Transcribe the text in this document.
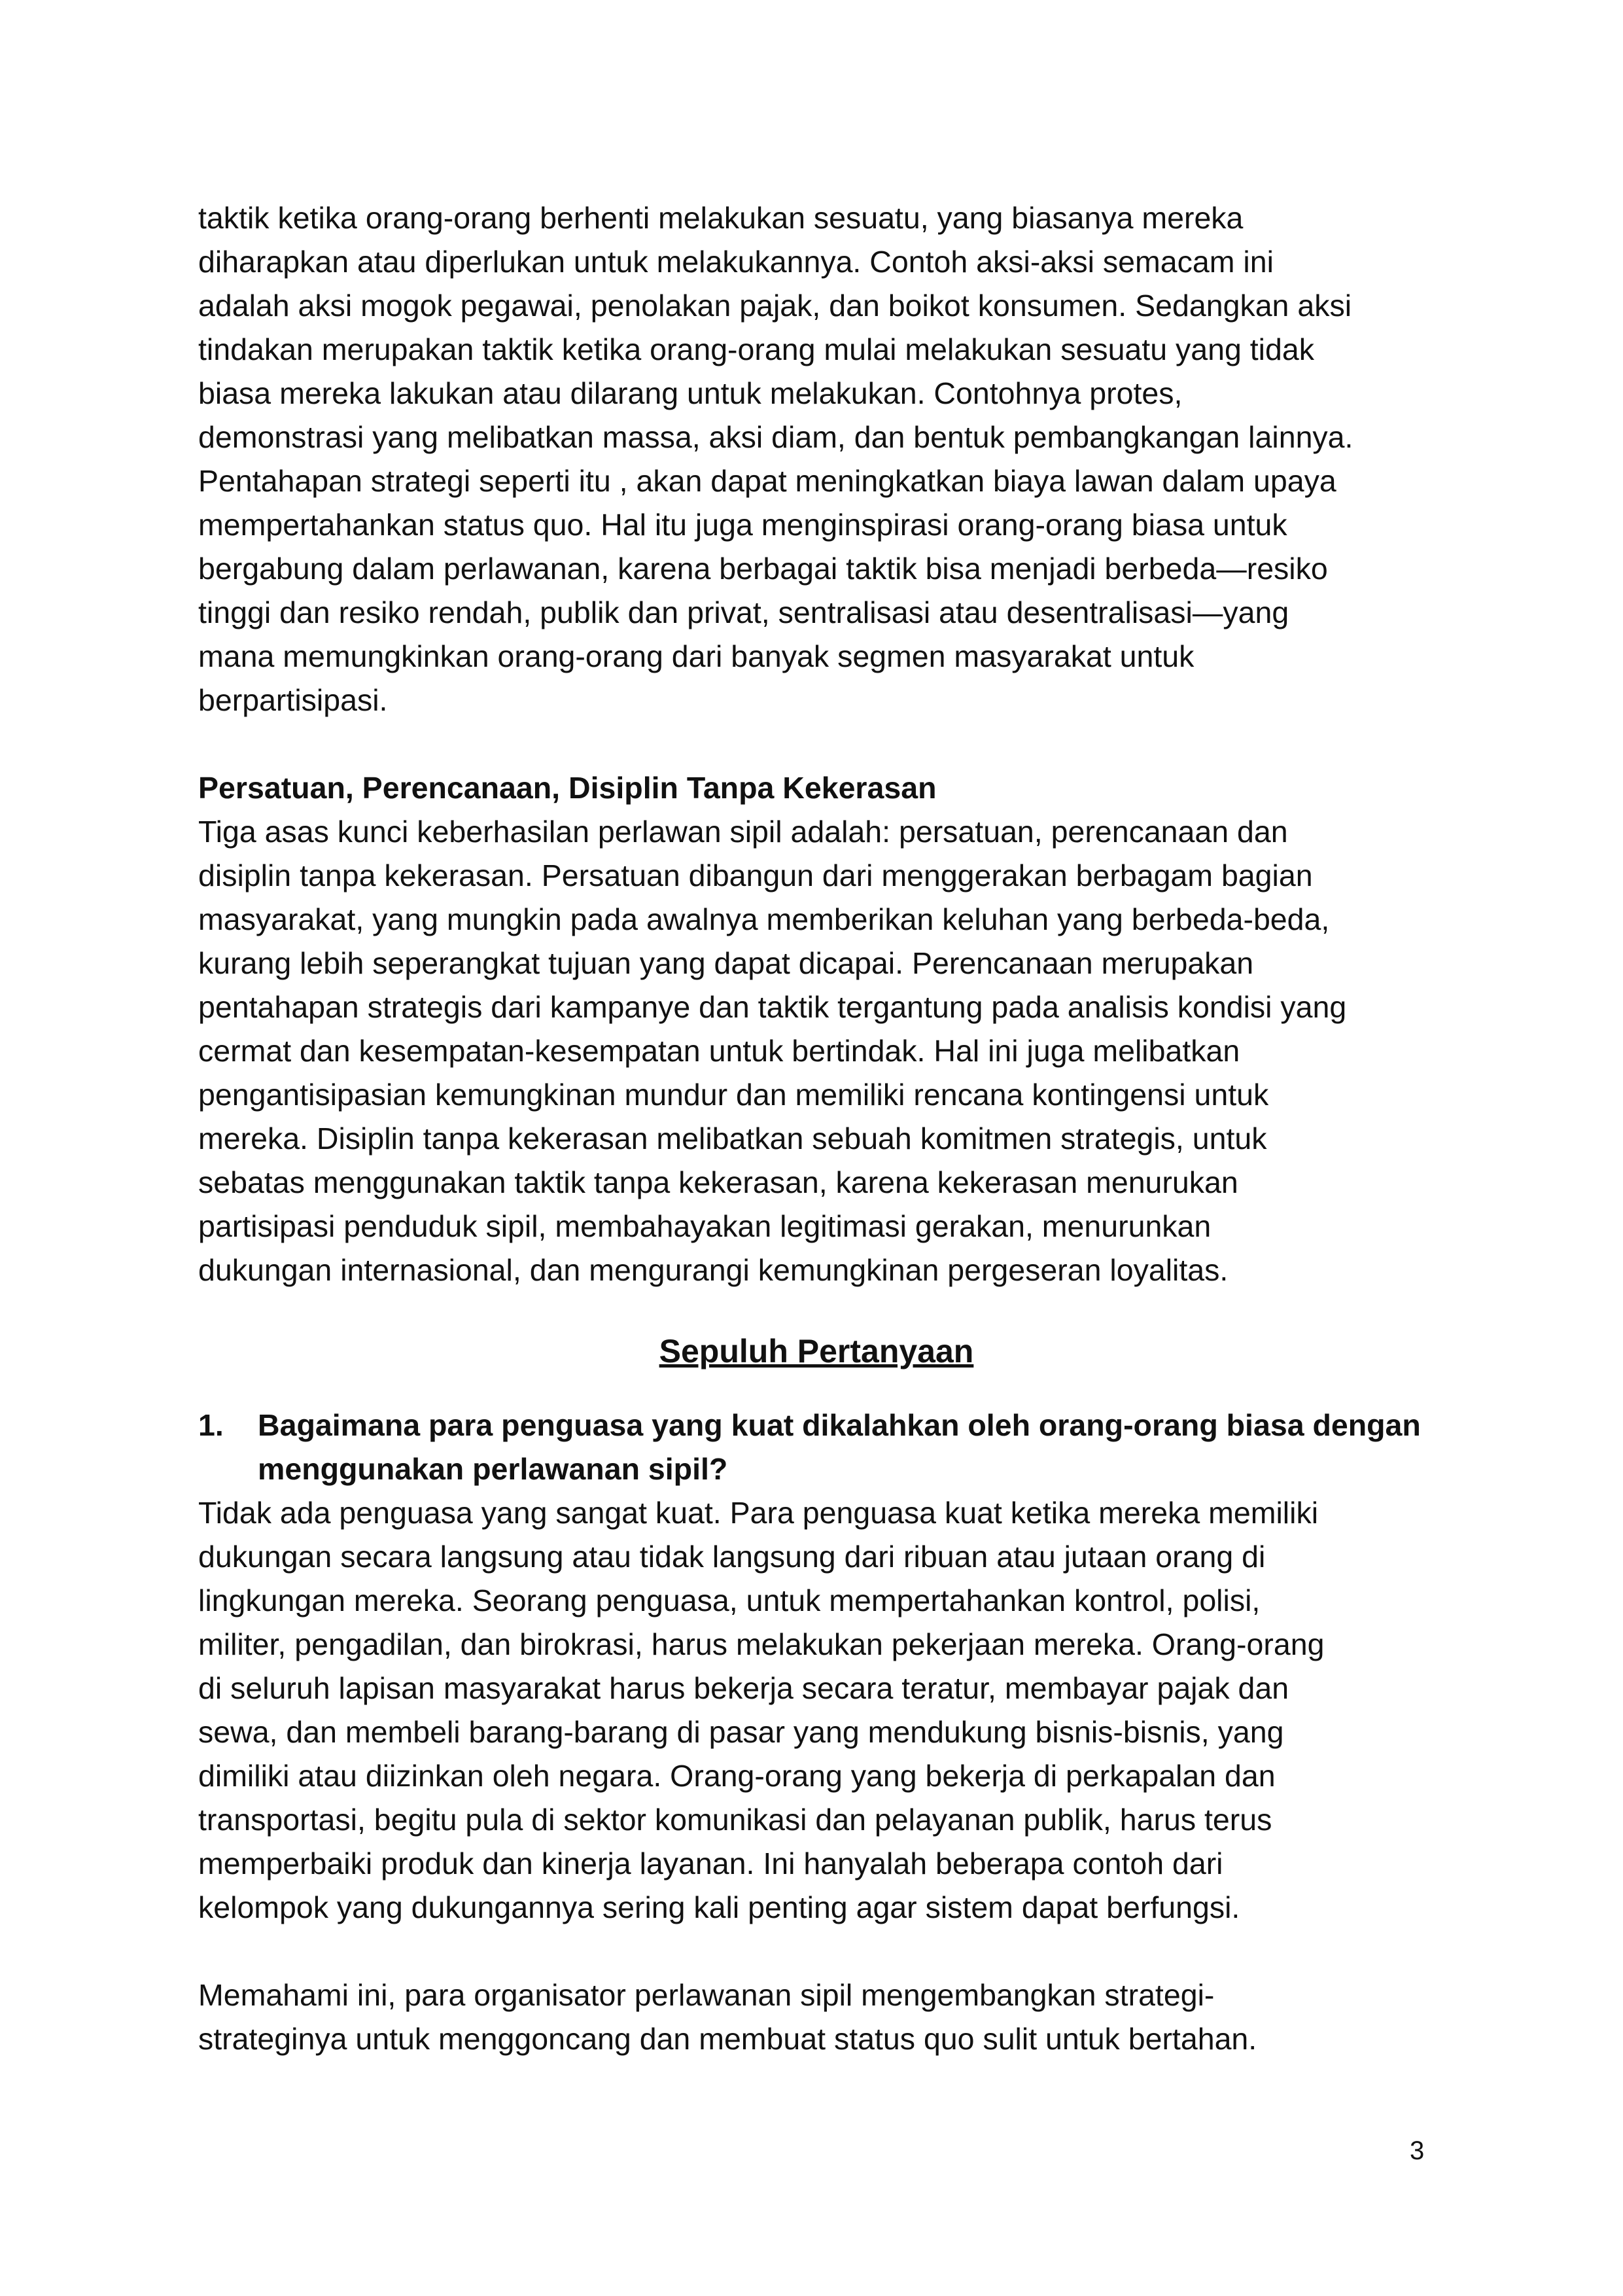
taktik ketika orang-orang berhenti melakukan sesuatu, yang biasanya mereka
diharapkan atau diperlukan untuk melakukannya. Contoh aksi-aksi semacam ini
adalah aksi mogok pegawai, penolakan pajak, dan boikot konsumen. Sedangkan aksi
tindakan merupakan taktik ketika orang-orang mulai melakukan sesuatu yang tidak
biasa mereka lakukan atau dilarang untuk melakukan. Contohnya protes,
demonstrasi yang melibatkan massa, aksi diam, dan bentuk pembangkangan lainnya.
Pentahapan strategi seperti itu , akan dapat meningkatkan biaya lawan dalam upaya
mempertahankan status quo. Hal itu juga menginspirasi orang-orang biasa untuk
bergabung dalam perlawanan, karena berbagai taktik bisa menjadi berbeda—resiko
tinggi dan resiko rendah, publik dan privat, sentralisasi atau desentralisasi—yang
mana memungkinkan orang-orang dari banyak segmen masyarakat untuk
berpartisipasi.

Persatuan, Perencanaan, Disiplin Tanpa Kekerasan

Tiga asas kunci keberhasilan perlawan sipil adalah: persatuan, perencanaan dan
disiplin tanpa kekerasan. Persatuan dibangun dari menggerakan berbagam bagian
masyarakat, yang mungkin pada awalnya memberikan keluhan yang berbeda-beda,
kurang lebih seperangkat tujuan yang dapat dicapai. Perencanaan merupakan
pentahapan strategis dari kampanye dan taktik tergantung pada analisis kondisi yang
cermat dan kesempatan-kesempatan untuk bertindak. Hal ini juga melibatkan
pengantisipasian kemungkinan mundur dan memiliki rencana kontingensi untuk
mereka. Disiplin tanpa kekerasan melibatkan sebuah komitmen strategis, untuk
sebatas menggunakan taktik tanpa kekerasan, karena kekerasan menurukan
partisipasi penduduk sipil, membahayakan legitimasi gerakan, menurunkan
dukungan internasional, dan mengurangi kemungkinan pergeseran loyalitas.

Sepuluh Pertanyaan

1. Bagaimana para penguasa yang kuat dikalahkan oleh orang-orang biasa dengan
menggunakan perlawanan sipil?

Tidak ada penguasa yang sangat kuat. Para penguasa kuat ketika mereka memiliki
dukungan secara langsung atau tidak langsung dari ribuan atau jutaan orang di
lingkungan mereka. Seorang penguasa, untuk mempertahankan kontrol, polisi,
militer, pengadilan, dan birokrasi, harus melakukan pekerjaan mereka. Orang-orang
di seluruh lapisan masyarakat harus bekerja secara teratur, membayar pajak dan
sewa, dan membeli barang-barang di pasar yang mendukung bisnis-bisnis, yang
dimiliki atau diizinkan oleh negara. Orang-orang yang bekerja di perkapalan dan
transportasi, begitu pula di sektor komunikasi dan pelayanan publik, harus terus
memperbaiki produk dan kinerja layanan. Ini hanyalah beberapa contoh dari
kelompok yang dukungannya sering kali penting agar sistem dapat berfungsi.

Memahami ini, para organisator perlawanan sipil mengembangkan strategi-
strateginya untuk menggoncang dan membuat status quo sulit untuk bertahan.

3
